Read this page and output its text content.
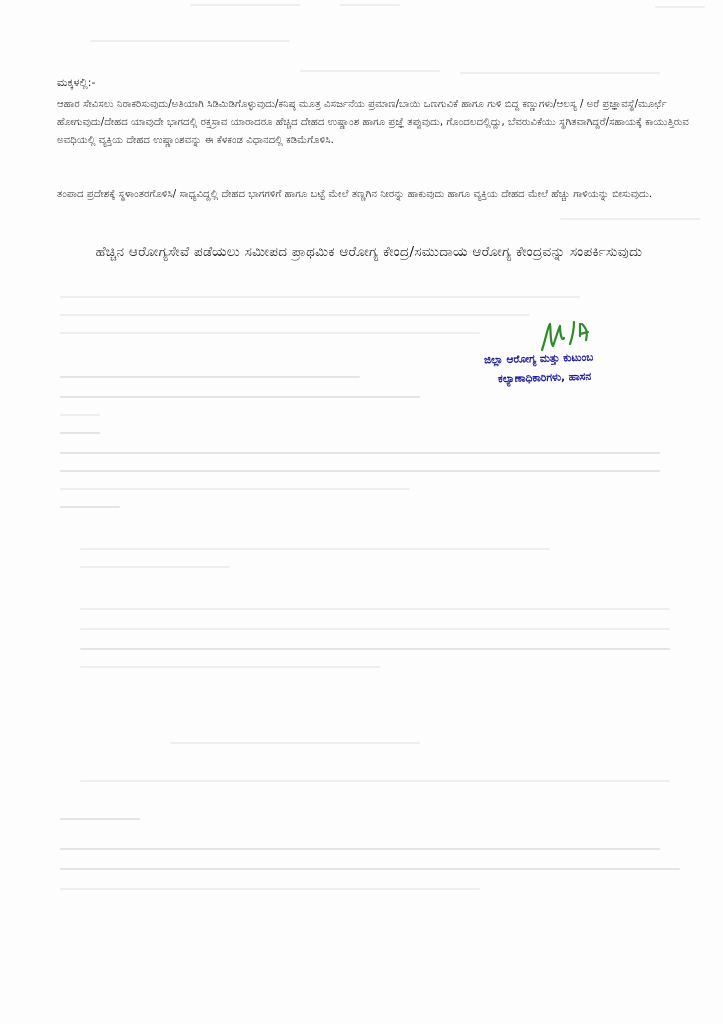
ಮಕ್ಕಳಲ್ಲಿ:-

ಆಹಾರ ಸೇವಿಸಲು ನಿರಾಕರಿಸುವುದು/ಅತಿಯಾಗಿ ಸಿಡಿಮಿಡಿಗೊಳ್ಳುವುದು/ಕನಿಷ್ಠ ಮೂತ್ರ ವಿಸರ್ಜನೆಯ ಪ್ರಮಾಣ/ಬಾಯಿ ಒಣಗುವಿಕೆ ಹಾಗೂ ಗುಳಿ ಬಿದ್ದ ಕಣ್ಣುಗಳು/ಆಲಸ್ಯ / ಅರೆ ಪ್ರಜ್ಞಾವಸ್ಥೆ/ಮೂರ್ಛೆ ಹೋಗುವುದು/ದೇಹದ ಯಾವುದೇ ಭಾಗದಲ್ಲಿ ರಕ್ತಸ್ರಾವ ಯಾರಾದರೂ ಹೆಚ್ಚಿದ ದೇಹದ ಉಷ್ಣಾಂಶ ಹಾಗೂ ಪ್ರಜ್ಞೆ ತಪ್ಪುವುದು, ಗೊಂದಲದಲ್ಲಿದ್ದು, ಬೆವರುವಿಕೆಯು ಸ್ಥಗಿತವಾಗಿದ್ದರೆ/ಸಹಾಯಕ್ಕೆ ಕಾಯುತ್ತಿರುವ ಅವಧಿಯಲ್ಲಿ ವ್ಯಕ್ತಿಯ ದೇಹದ ಉಷ್ಣಾಂಶವನ್ನು ಈ ಕೆಳಕಂಡ ವಿಧಾನದಲ್ಲಿ ಕಡಿಮೆಗೊಳಿಸಿ.

ತಂಪಾದ ಪ್ರದೇಶಕ್ಕೆ ಸ್ಥಳಾಂತರಗೊಳಿಸಿ/ ಸಾಧ್ಯವಿದ್ದಲ್ಲಿ ದೇಹದ ಭಾಗಗಳಿಗೆ ಹಾಗೂ ಬಟ್ಟೆ ಮೇಲೆ ತಣ್ಣಗಿನ ನೀರನ್ನು ಹಾಕುವುದು ಹಾಗೂ ವ್ಯಕ್ತಿಯ ದೇಹದ ಮೇಲೆ ಹೆಚ್ಚು ಗಾಳಿಯನ್ನು ಬೀಸುವುದು.

ಹೆಚ್ಚಿನ ಆರೋಗ್ಯಸೇವೆ ಪಡೆಯಲು ಸಮೀಪದ ಪ್ರಾಥಮಿಕ ಆರೋಗ್ಯ ಕೇಂದ್ರ/ಸಮುದಾಯ ಆರೋಗ್ಯ ಕೇಂದ್ರವನ್ನು ಸಂಪರ್ಕಿಸುವುದು
ಜಿಲ್ಲಾ ಆರೋಗ್ಯ ಮತ್ತು ಕುಟುಂಬ
ಕಲ್ಯಾಣಾಧಿಕಾರಿಗಳು, ಹಾಸನ
